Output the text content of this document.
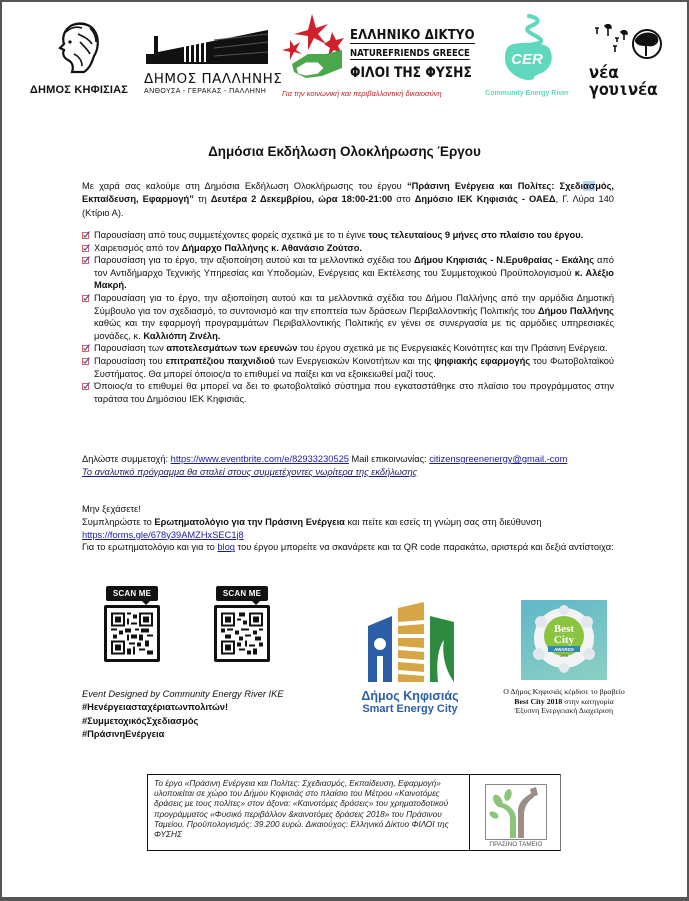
ΔΗΜΟΣ ΚΗΦΙΣΙΑΣ
ΔΗΜΟΣ ΠΑΛΛΗΝΗΣ
ΑΝΘΟΥΣΑ - ΓΕΡΑΚΑΣ - ΠΑΛΛΗΝΗ
ΕΛΛΗΝΙΚΟ ΔΙΚΤΥΟ
NATUREFRIENDS GREECE
ΦΙΛΟΙ ΤΗΣ ΦΥΣΗΣ
Για την κοινωνική και περιβαλλοντική δικαιοσύνη
CER
Community Energy River
νέα
γουινέα
Δημόσια Εκδήλωση Ολοκλήρωσης Έργου
Με χαρά σας καλούμε στη Δημόσια Εκδήλωση Ολοκλήρωσης του έργου “Πράσινη Ενέργεια και Πολίτες: Σχεδιασμός, Εκπαίδευση, Εφαρμογή” τη Δευτέρα 2 Δεκεμβρίου, ώρα 18:00-21:00 στο Δημόσιο ΙΕΚ Κηφισιάς - ΟΑΕΔ, Γ. Λύρα 140 (Κτίριο Α).
Παρουσίαση από τους συμμετέχοντες φορείς σχετικά με το τι έγινε τους τελευταίους 9 μήνες στο πλαίσιο του έργου.
Χαιρετισμός από τον Δήμαρχο Παλλήνης κ. Αθανάσιο Ζούτσο.
Παρουσίαση για το έργο, την αξιοποίηση αυτού και τα μελλοντικά σχέδια του Δήμου Κηφισιάς - Ν.Ερυθραίας - Εκάλης από τον Αντιδήμαρχο Τεχνικής Υπηρεσίας και Υποδομών, Ενέργειας και Εκτέλεσης του Συμμετοχικού Προϋπολογισμού κ. Αλέξιο Μακρή.
Παρουσίαση για το έργο, την αξιοποίηση αυτού και τα μελλοντικά σχέδια του Δήμου Παλλήνης από την αρμόδια Δημοτική Σύμβουλο για τον σχεδιασμό, το συντονισμό και την εποπτεία των δράσεων Περιβαλλοντικής Πολιτικής του Δήμου Παλλήνης καθώς και την εφαρμογή προγραμμάτων Περιβαλλοντικής Πολιτικής εν γένει σε συνεργασία με τις αρμόδιες υπηρεσιακές μονάδες, κ. Καλλιόπη Ζινέλη.
Παρουσίαση των αποτελεσμάτων των ερευνών του έργου σχετικά με τις Ενεργειακές Κοινότητες και την Πράσινη Ενέργεια.
Παρουσίαση του επιτραπέζιου παιχνιδιού των Ενεργειακών Κοινοτήτων και της ψηφιακής εφαρμογής του Φωτοβολταϊκού Συστήματος. Θα μπορεί όποιος/α το επιθυμεί να παίξει και να εξοικειωθεί μαζί τους.
Όποιος/α το επιθυμεί θα μπορεί να δει το φωτοβολταϊκό σύστημα που εγκαταστάθηκε στο πλαίσιο του προγράμματος στην ταράτσα του Δημόσιου ΙΕΚ Κηφισιάς.
Δηλώστε συμμετοχή: https://www.eventbrite.com/e/82933230525 Mail επικοινωνίας: citizensgreenenergy@gmail.-com
Το αναλυτικό πρόγραμμα θα σταλεί στους συμμετέχοντες νωρίτερα της εκδήλωσης
Μην ξεχάσετε!
Συμπληρώστε το Ερωτηματολόγιο για την Πράσινη Ενέργεια και πείτε και εσείς τη γνώμη σας στη διεύθυνση https://forms.gle/678y39AMZHxSEC1j8
Για το ερωτηματολόγιο και για το blog του έργου μπορείτε να σκανάρετε και τα QR code παρακάτω, αριστερά και δεξιά αντίστοιχα:
SCAN ME	SCAN ME
Δήμος Κηφισιάς
Smart Energy City
Best
City
AWARDS
2018
Ο Δήμος Κηφισιάς κέρδισε το βραβείο
Best City 2018 στην κατηγορία
Έξυπνη Ενεργειακή Διαχείριση
Event Designed by Community Energy River IKE
#Ηενέργειασταχέριατωνπολιτών!
#ΣυμμετοχικόςΣχεδιασμός
#ΠράσινηΕνέργεια
Το έργο «Πράσινη Ενέργεια και Πολίτες: Σχεδιασμός, Εκπαίδευση, Εφαρμογή» υλοποιείται σε χώρο του Δήμου Κηφισιάς στο πλαίσιο του Μέτρου «Καινοτόμες δράσεις με τους πολίτες» στον άξονα: «Καινοτόμες δράσεις» του χρηματοδοτικού προγράμματος «Φυσικό περιβάλλον &καινοτόμες δράσεις 2018» του Πράσινου Ταμείου. Προϋπολογισμός: 39.200 ευρώ. Δικαιούχος: Ελληνικό Δίκτυο ΦΙΛΟΙ της ΦΥΣΗΣ
ΠΡΑΣΙΝΟ ΤΑΜΕΙΟ
